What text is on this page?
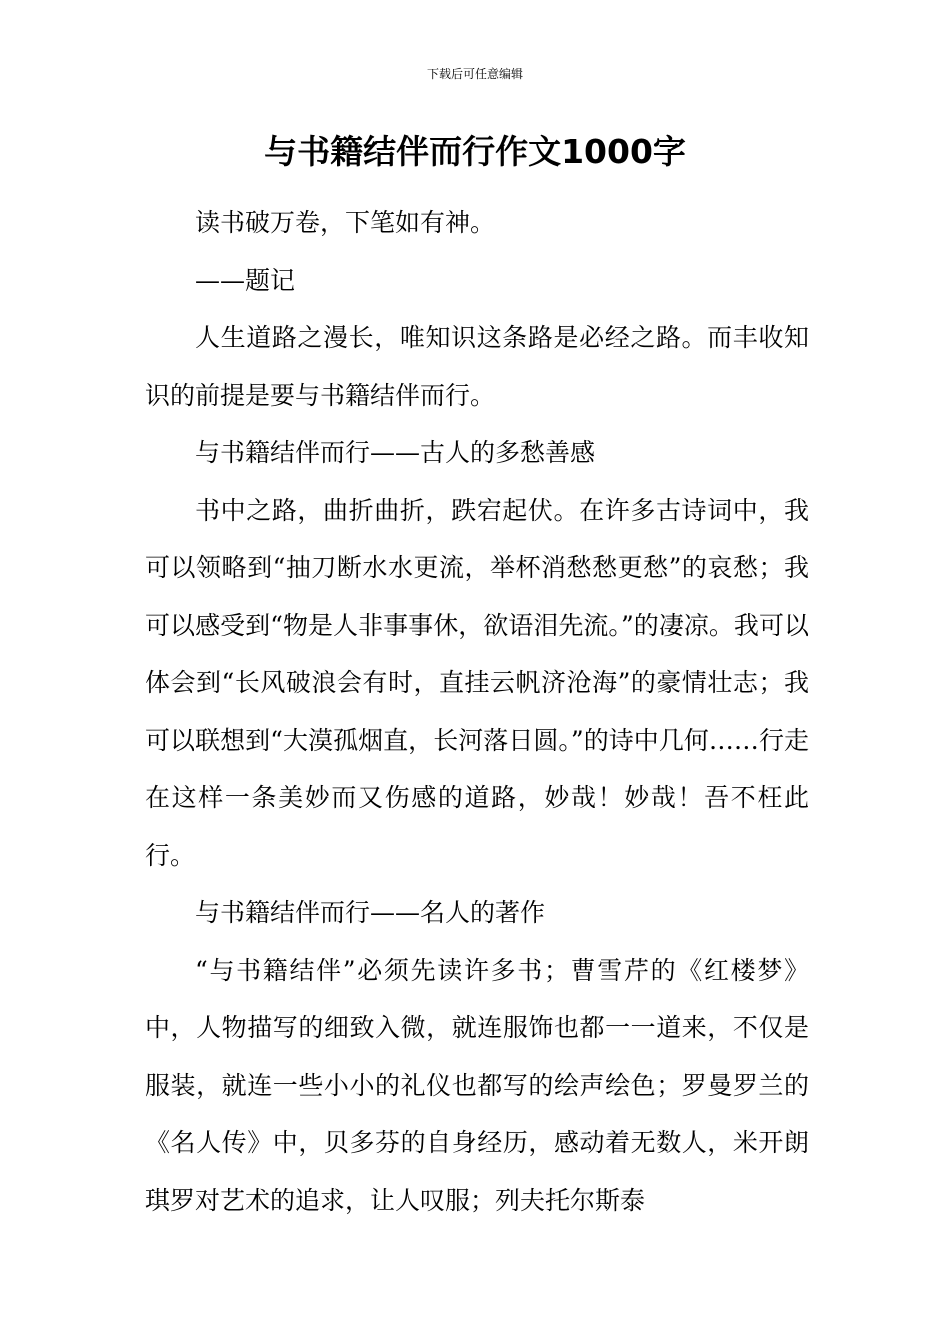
下载后可任意编辑
与书籍结伴而行作文1000字

读书破万卷，下笔如有神。

——题记

人生道路之漫长，唯知识这条路是必经之路。而丰收知识的前提是要与书籍结伴而行。

与书籍结伴而行——古人的多愁善感

书中之路，曲折曲折，跌宕起伏。在许多古诗词中，我可以领略到“抽刀断水水更流，举杯消愁愁更愁”的哀愁；我可以感受到“物是人非事事休，欲语泪先流。”的凄凉。我可以体会到“长风破浪会有时，直挂云帆济沧海”的豪情壮志；我可以联想到“大漠孤烟直，长河落日圆。”的诗中几何……行走在这样一条美妙而又伤感的道路，妙哉！妙哉！吾不枉此行。

与书籍结伴而行——名人的著作

“与书籍结伴”必须先读许多书；曹雪芹的《红楼梦》中，人物描写的细致入微，就连服饰也都一一道来，不仅是服装，就连一些小小的礼仪也都写的绘声绘色；罗曼罗兰的《名人传》中，贝多芬的自身经历，感动着无数人，米开朗琪罗对艺术的追求，让人叹服；列夫托尔斯泰
